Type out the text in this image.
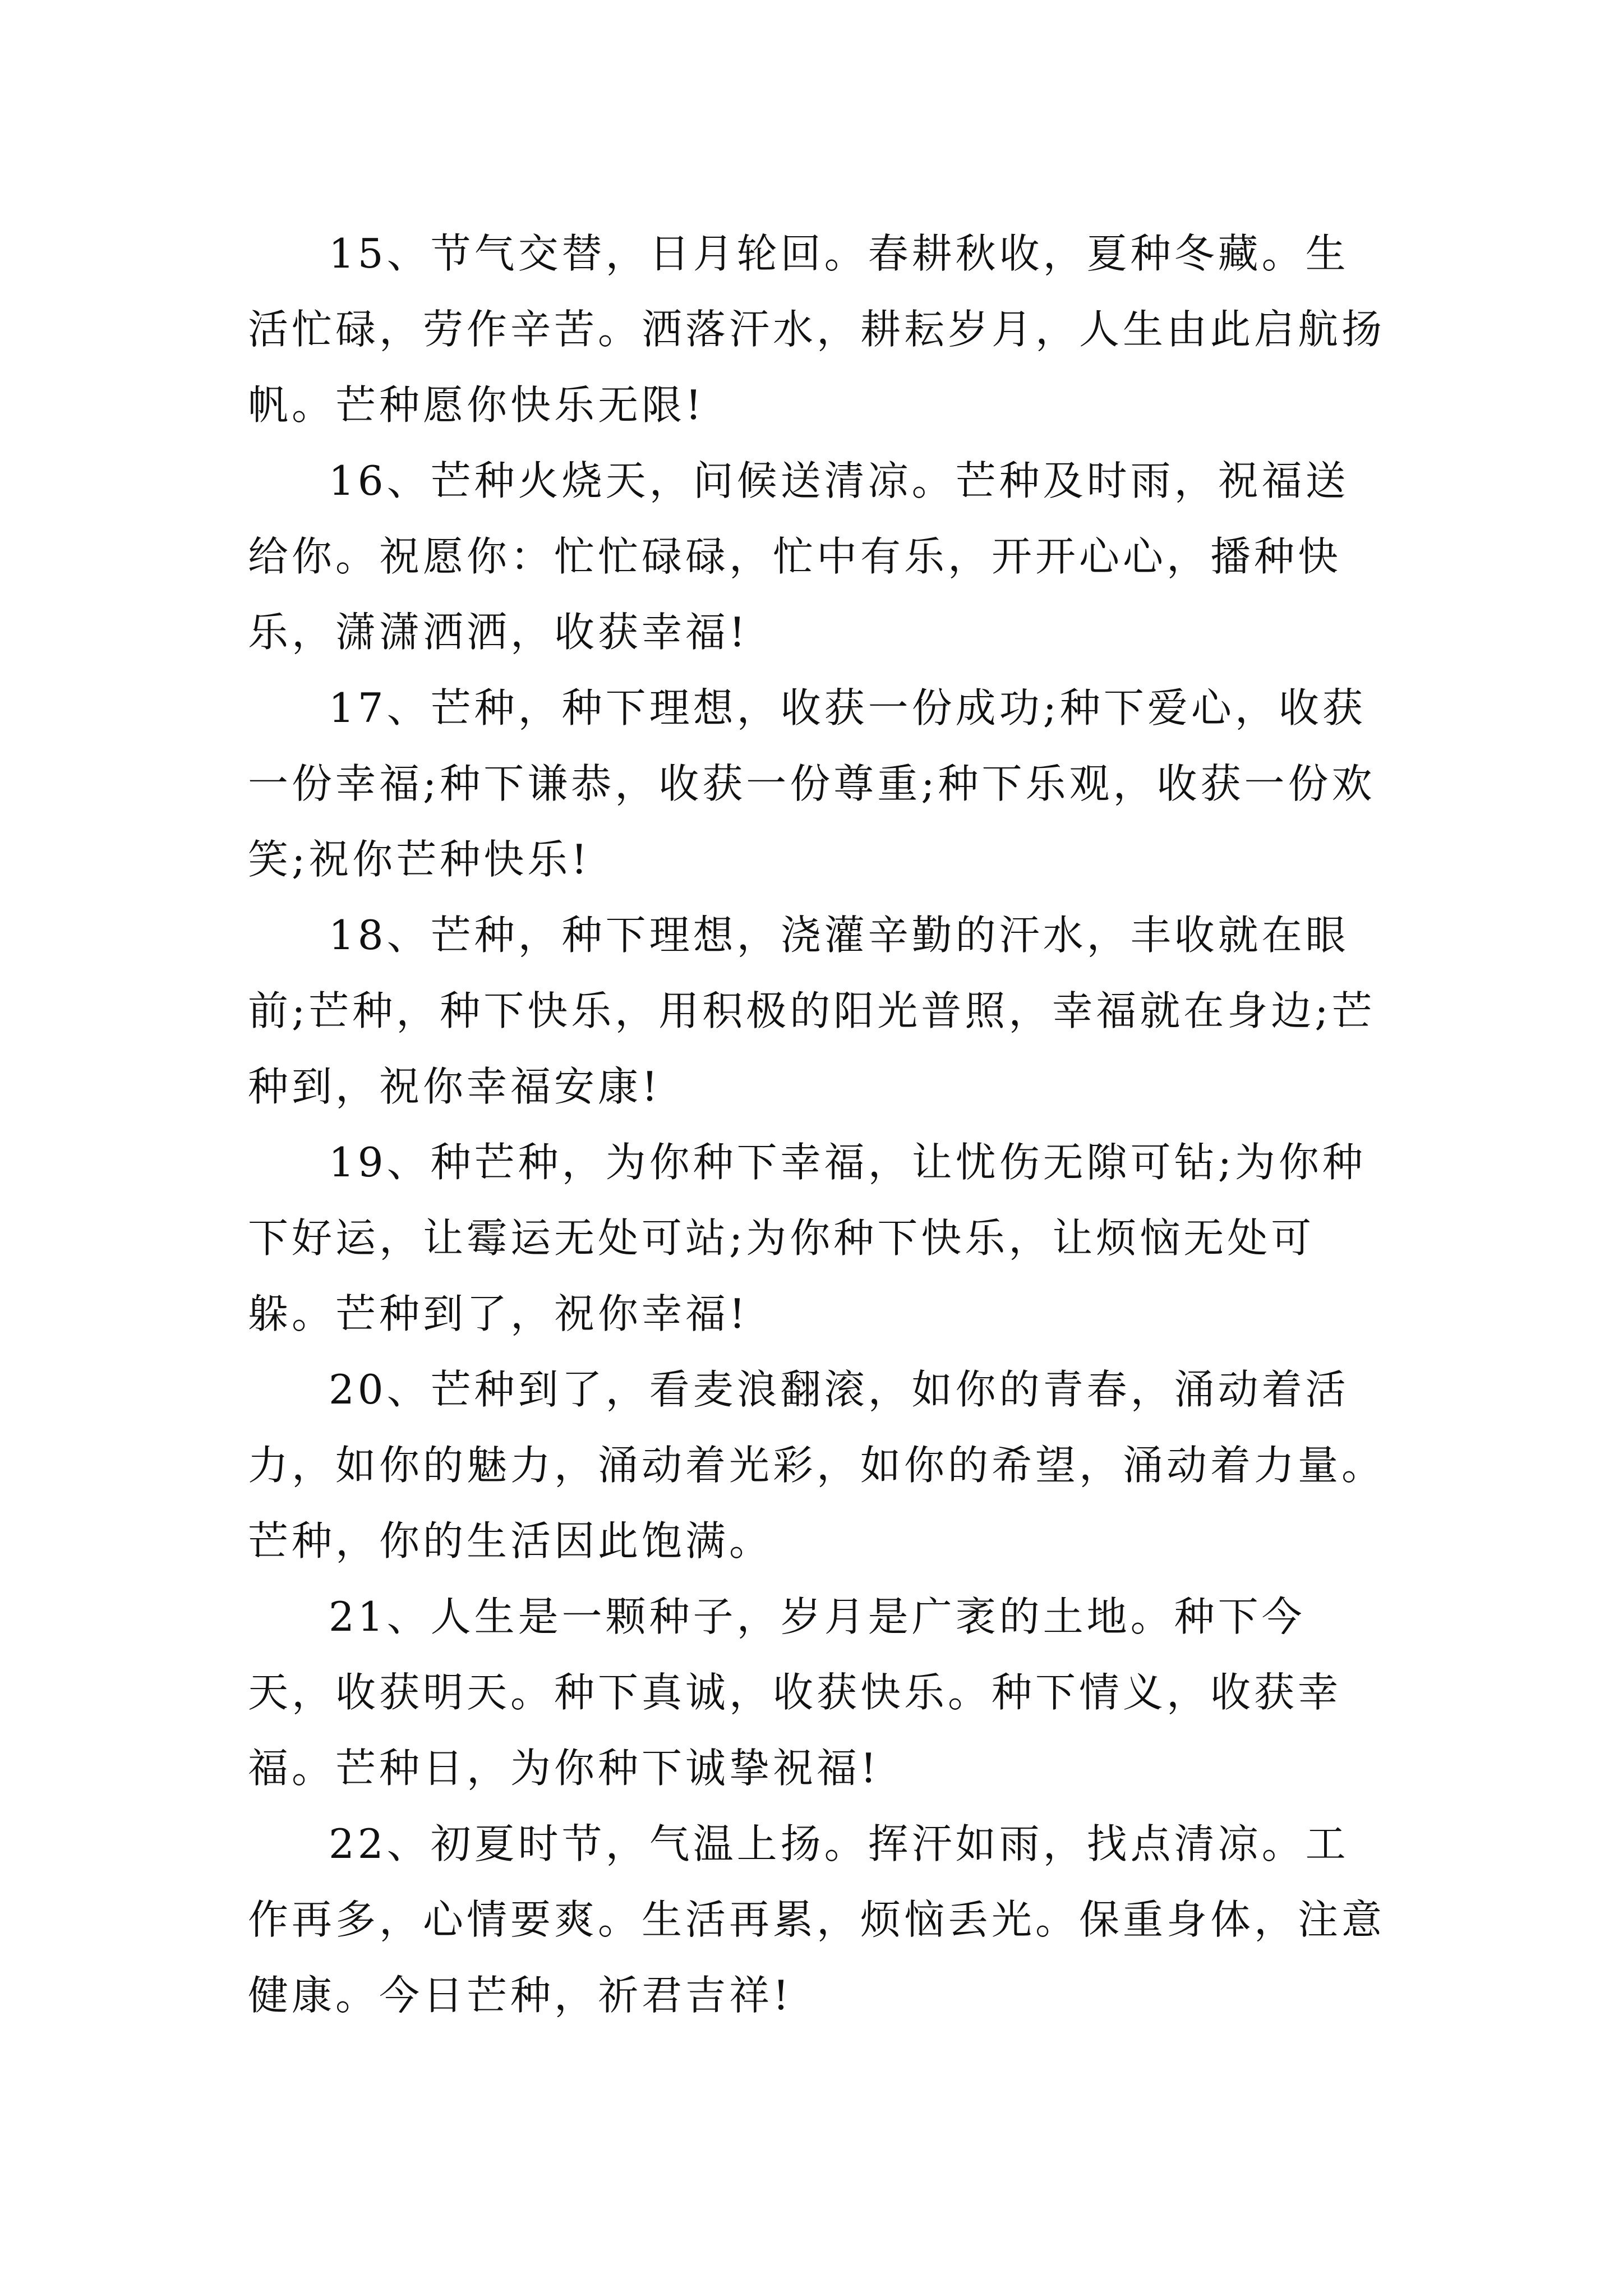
15、节气交替，日月轮回。春耕秋收，夏种冬藏。生活忙碌，劳作辛苦。洒落汗水，耕耘岁月，人生由此启航扬帆。芒种愿你快乐无限!

16、芒种火烧天，问候送清凉。芒种及时雨，祝福送给你。祝愿你：忙忙碌碌，忙中有乐，开开心心，播种快乐，潇潇洒洒，收获幸福!

17、芒种，种下理想，收获一份成功;种下爱心，收获一份幸福;种下谦恭，收获一份尊重;种下乐观，收获一份欢笑;祝你芒种快乐!

18、芒种，种下理想，浇灌辛勤的汗水，丰收就在眼前;芒种，种下快乐，用积极的阳光普照，幸福就在身边;芒种到，祝你幸福安康!

19、种芒种，为你种下幸福，让忧伤无隙可钻;为你种下好运，让霉运无处可站;为你种下快乐，让烦恼无处可躲。芒种到了，祝你幸福!

20、芒种到了，看麦浪翻滚，如你的青春，涌动着活力，如你的魅力，涌动着光彩，如你的希望，涌动着力量。芒种，你的生活因此饱满。

21、人生是一颗种子，岁月是广袤的土地。种下今天，收获明天。种下真诚，收获快乐。种下情义，收获幸福。芒种日，为你种下诚挚祝福!

22、初夏时节，气温上扬。挥汗如雨，找点清凉。工作再多，心情要爽。生活再累，烦恼丢光。保重身体，注意健康。今日芒种，祈君吉祥!
